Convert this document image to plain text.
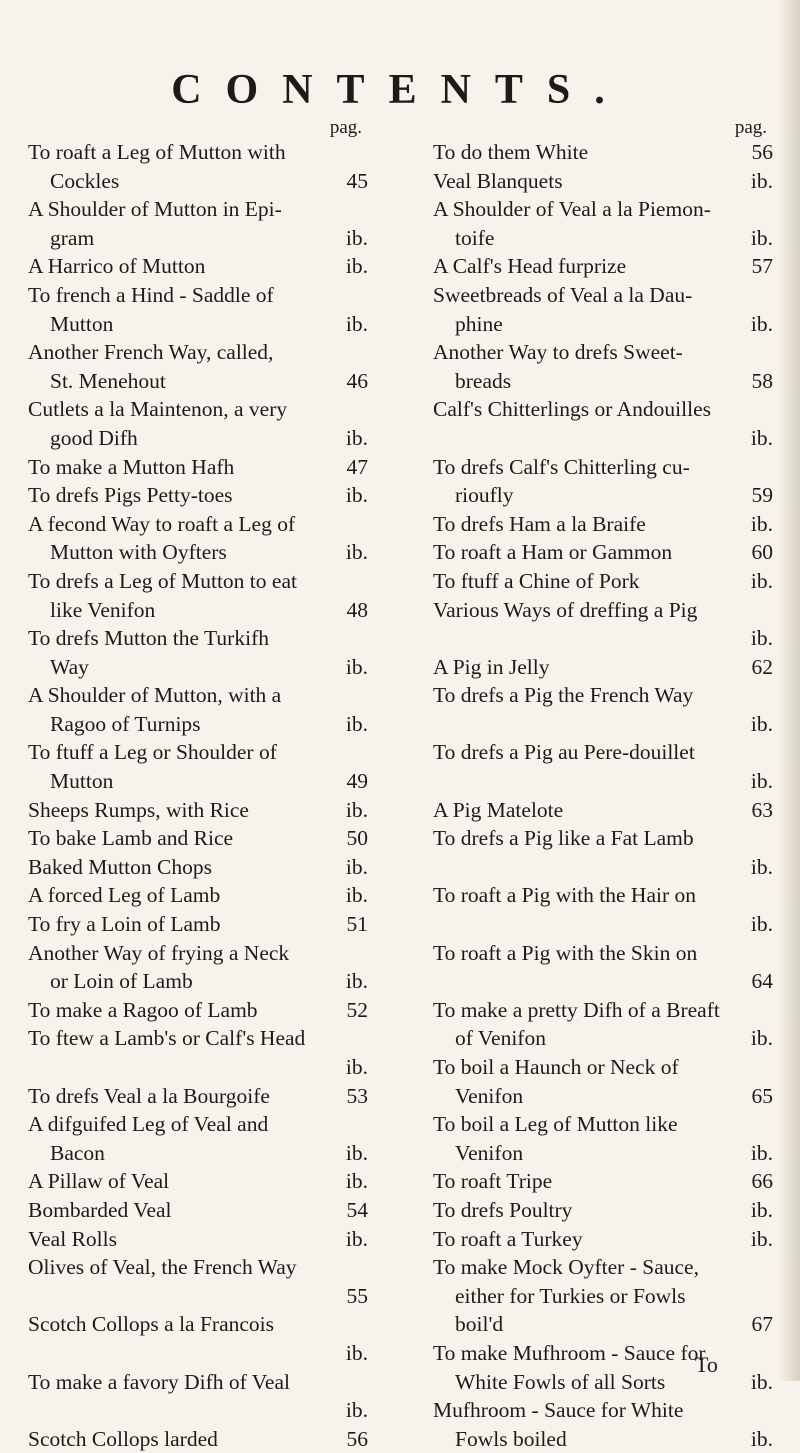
CONTENTS.
pag.
To roaft a Leg of Mutton with
Cockles	45
A Shoulder of Mutton in Epi-
gram	ib.
A Harrico of Mutton	ib.
To french a Hind - Saddle of
Mutton	ib.
Another French Way, called,
St. Menehout	46
Cutlets a la Maintenon, a very
good Difh	ib.
To make a Mutton Hafh	47
To drefs Pigs Petty-toes	ib.
A fecond Way to roaft a Leg of
Mutton with Oyfters	ib.
To drefs a Leg of Mutton to eat
like Venifon	48
To drefs Mutton the Turkifh
Way	ib.
A Shoulder of Mutton, with a
Ragoo of Turnips	ib.
To ftuff a Leg or Shoulder of
Mutton	49
Sheeps Rumps, with Rice	ib.
To bake Lamb and Rice	50
Baked Mutton Chops	ib.
A forced Leg of Lamb	ib.
To fry a Loin of Lamb	51
Another Way of frying a Neck
or Loin of Lamb	ib.
To make a Ragoo of Lamb	52
To ftew a Lamb's or Calf's Head
ib.
To drefs Veal a la Bourgoife	53
A difguifed Leg of Veal and
Bacon	ib.
A Pillaw of Veal	ib.
Bombarded Veal	54
Veal Rolls	ib.
Olives of Veal, the French Way
55
Scotch Collops a la Francois
ib.
To make a favory Difh of Veal
ib.
Scotch Collops larded	56
pag.
To do them White	56
Veal Blanquets	ib.
A Shoulder of Veal a la Piemon-
toife	ib.
A Calf's Head furprize	57
Sweetbreads of Veal a la Dau-
phine	ib.
Another Way to drefs Sweet-
breads	58
Calf's Chitterlings or Andouilles
ib.
To drefs Calf's Chitterling cu-
rioufly	59
To drefs Ham a la Braife	ib.
To roaft a Ham or Gammon	60
To ftuff a Chine of Pork	ib.
Various Ways of dreffing a Pig
ib.
A Pig in Jelly	62
To drefs a Pig the French Way
ib.
To drefs a Pig au Pere-douillet
ib.
A Pig Matelote	63
To drefs a Pig like a Fat Lamb
ib.
To roaft a Pig with the Hair on
ib.
To roaft a Pig with the Skin on
64
To make a pretty Difh of a Breaft
of Venifon	ib.
To boil a Haunch or Neck of
Venifon	65
To boil a Leg of Mutton like
Venifon	ib.
To roaft Tripe	66
To drefs Poultry	ib.
To roaft a Turkey	ib.
To make Mock Oyfter - Sauce,
either for Turkies or Fowls
boil'd	67
To make Mufhroom - Sauce for
White Fowls of all Sorts	ib.
Mufhroom - Sauce for White
Fowls boiled	ib.
To
